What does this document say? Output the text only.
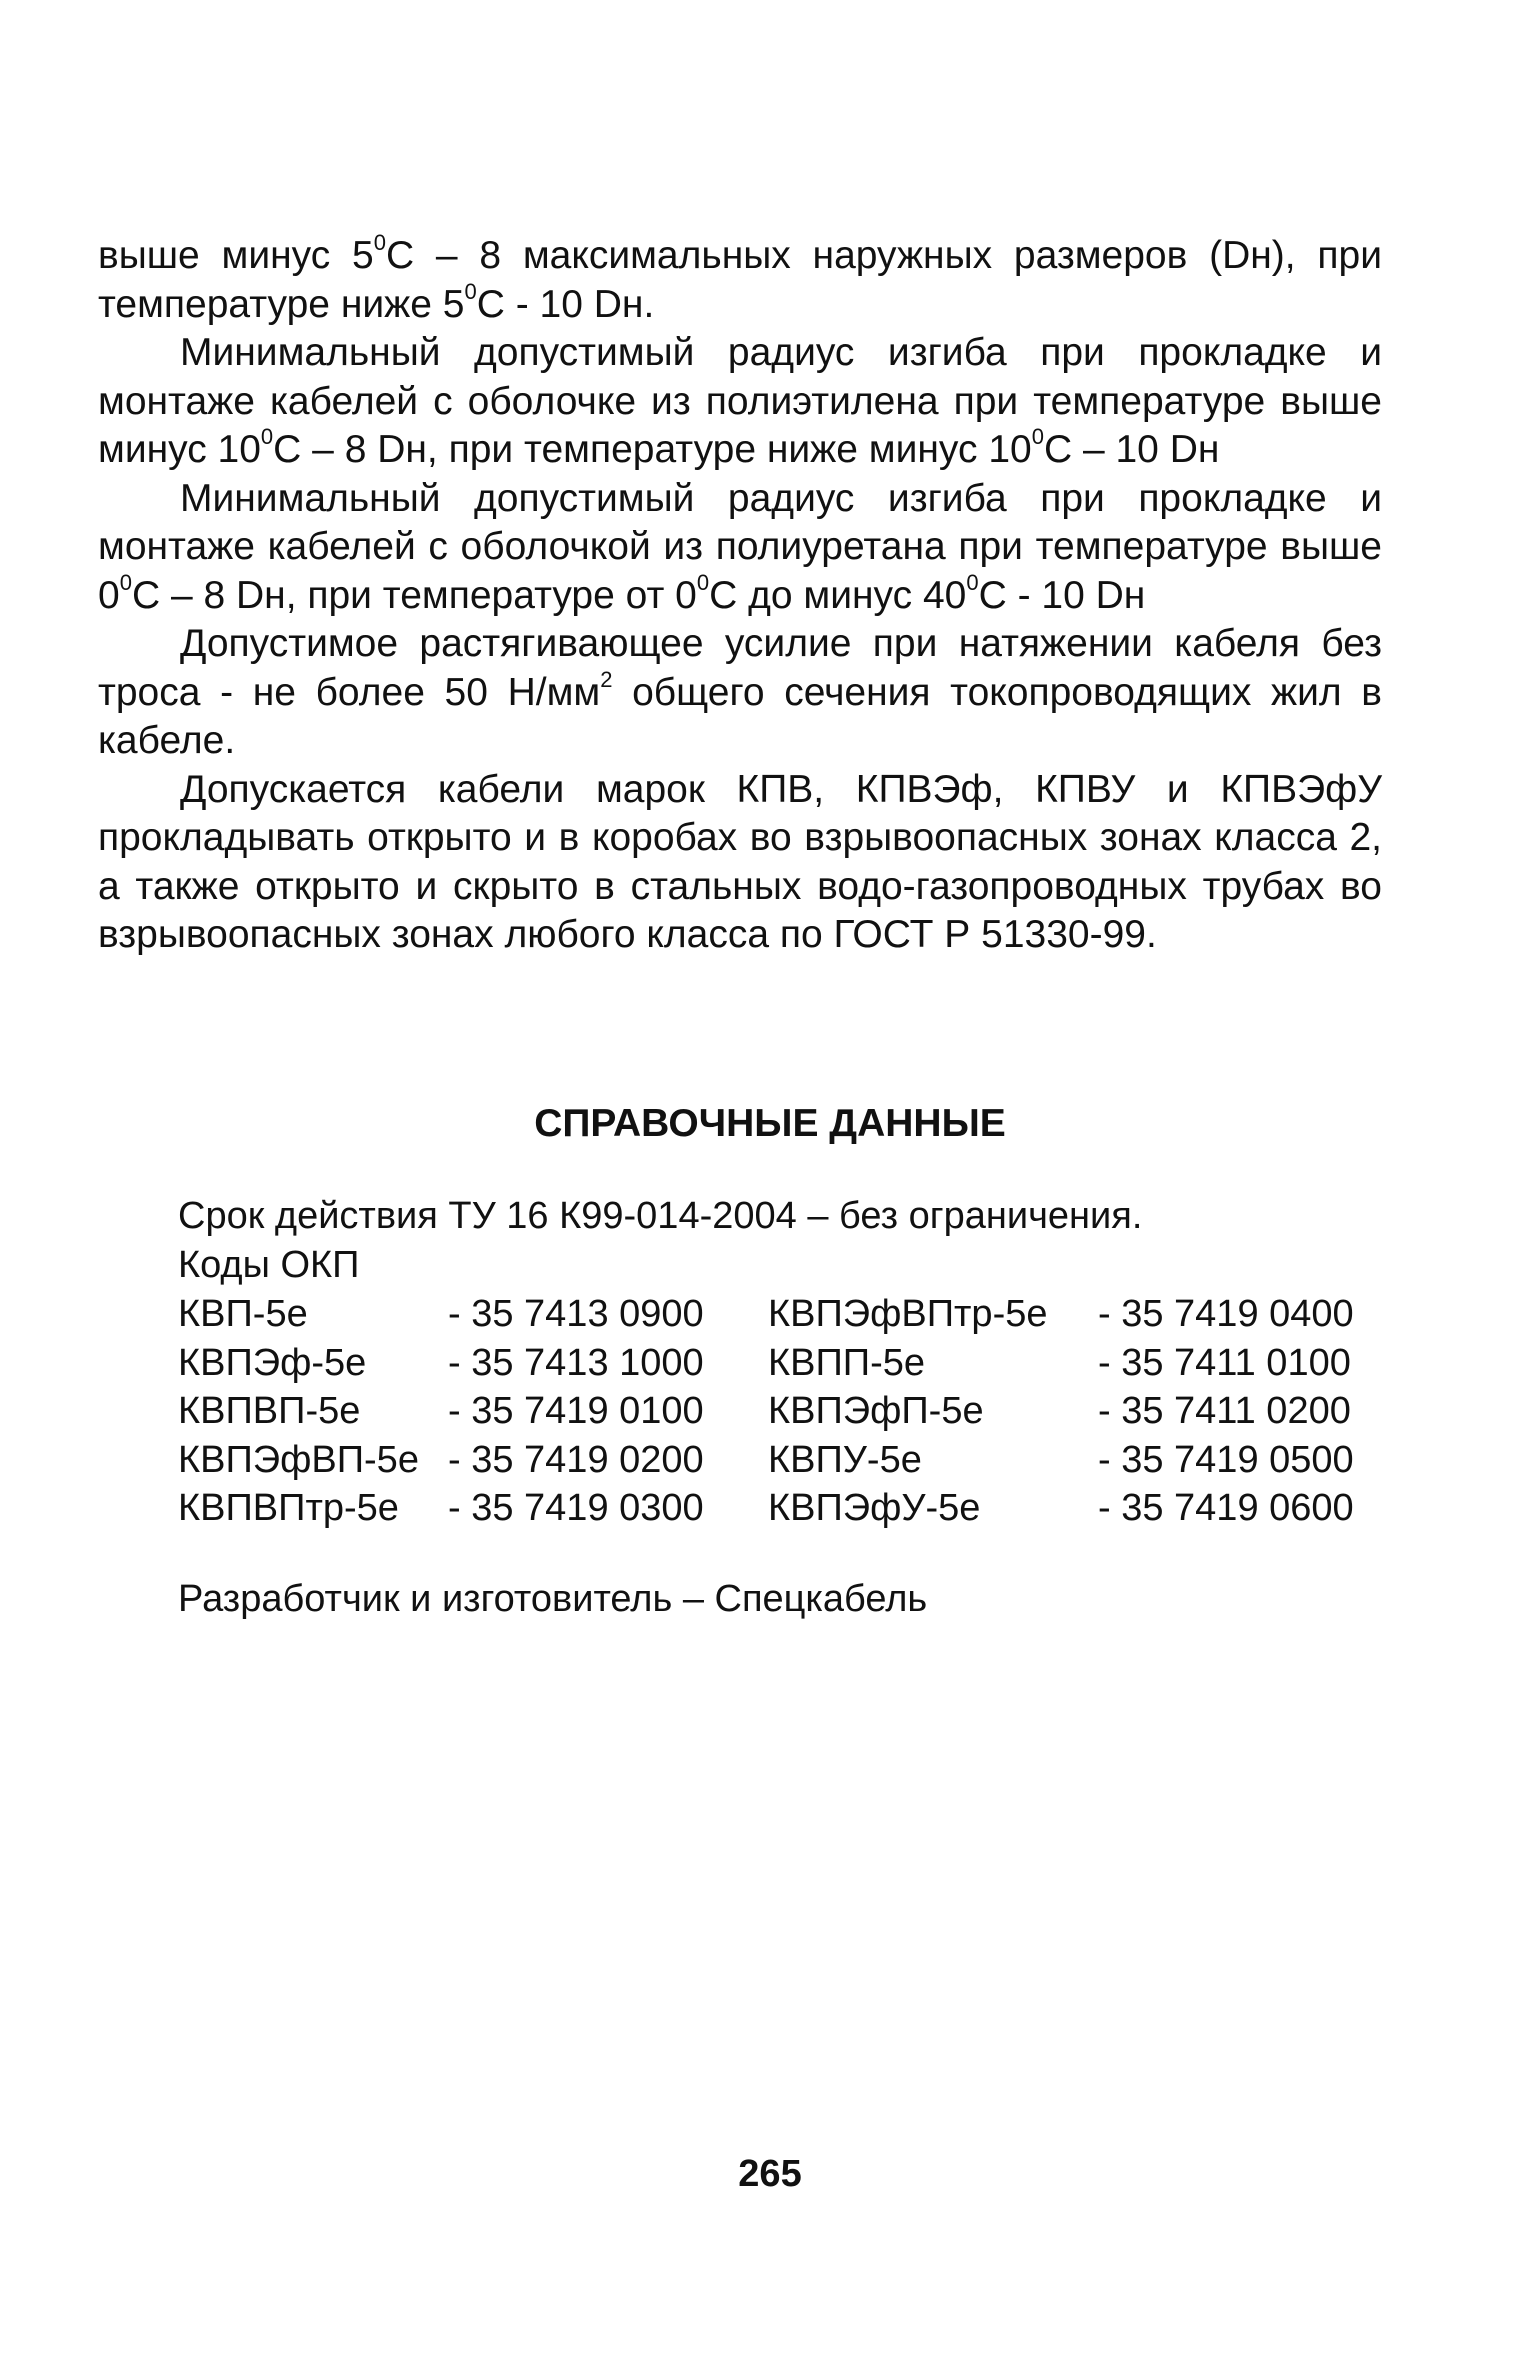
выше минус $5^0С - 8$ максимальных наружных размеров (Dн), при температуре ниже $5^0С - 10$ Dн.

Минимальный допустимый радиус изгиба при прокладке и монтаже кабелей с оболочке из полиэтилена при температуре выше минус $10^0С - 8$ Dн, при температуре ниже минус $10^0С - 10$ Dн

Минимальный допустимый радиус изгиба при прокладке и монтаже кабелей с оболочкой из полиуретана при температуре выше $0^0С - 8$ Dн, при температуре от $0^0С$ до минус $40^0С - 10$ Dн

Допустимое растягивающее усилие при натяжении кабеля без троса - не более 50 $Н/мм^2$ общего сечения токопроводящих жил в кабеле.

Допускается кабели марок КПВ, КПВЭф, КПВУ и КПВЭфУ прокладывать открыто и в коробах во взрывоопасных зонах класса 2, а также открыто и скрыто в стальных водо-газопроводных трубах во взрывоопасных зонах любого класса по ГОСТ Р 51330-99.

СПРАВОЧНЫЕ ДАННЫЕ

Срок действия ТУ 16 К99-014-2004 – без ограничения.

Коды ОКП

КВП-5е	- 35 7413 0900	КВПЭфВПтр-5е	- 35 7419 0400
КВПЭф-5е	- 35 7413 1000	КВПП-5е	- 35 7411 0100
КВПВП-5е	- 35 7419 0100	КВПЭфП-5е	- 35 7411 0200
КВПЭфВП-5е - 35 7419 0200	КВПУ-5е	- 35 7419 0500
КВПВПтр-5е	- 35 7419 0300	КВПЭфУ-5е	- 35 7419 0600

Разработчик и изготовитель – Спецкабель

265
